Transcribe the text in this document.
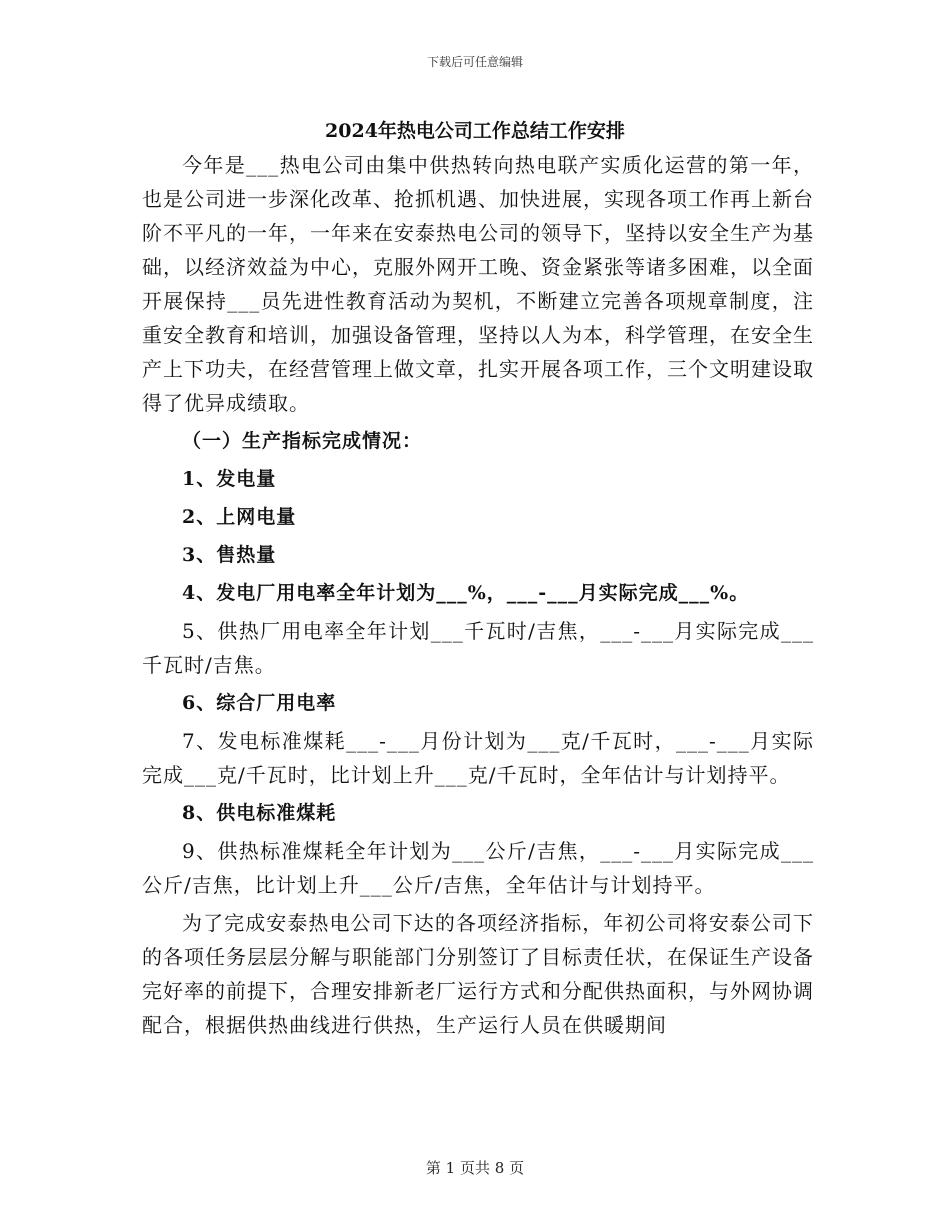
下载后可任意编辑
2024年热电公司工作总结工作安排

今年是___热电公司由集中供热转向热电联产实质化运营的第一年，也是公司进一步深化改革、抢抓机遇、加快进展，实现各项工作再上新台阶不平凡的一年，一年来在安泰热电公司的领导下，坚持以安全生产为基础，以经济效益为中心，克服外网开工晚、资金紧张等诸多困难，以全面开展保持___员先进性教育活动为契机，不断建立完善各项规章制度，注重安全教育和培训，加强设备管理，坚持以人为本，科学管理，在安全生产上下功夫，在经营管理上做文章，扎实开展各项工作，三个文明建设取得了优异成绩取。

（一）生产指标完成情况：

1、发电量

2、上网电量

3、售热量

4、发电厂用电率全年计划为___%，___-___月实际完成___%。

5、供热厂用电率全年计划___千瓦时/吉焦，___-___月实际完成___千瓦时/吉焦。

6、综合厂用电率

7、发电标准煤耗___-___月份计划为___克/千瓦时，___-___月实际完成___克/千瓦时，比计划上升___克/千瓦时，全年估计与计划持平。

8、供电标准煤耗

9、供热标准煤耗全年计划为___公斤/吉焦，___-___月实际完成___公斤/吉焦，比计划上升___公斤/吉焦，全年估计与计划持平。

为了完成安泰热电公司下达的各项经济指标，年初公司将安泰公司下的各项任务层层分解与职能部门分别签订了目标责任状，在保证生产设备完好率的前提下，合理安排新老厂运行方式和分配供热面积，与外网协调配合，根据供热曲线进行供热，生产运行人员在供暖期间

第 1 页共 8 页
